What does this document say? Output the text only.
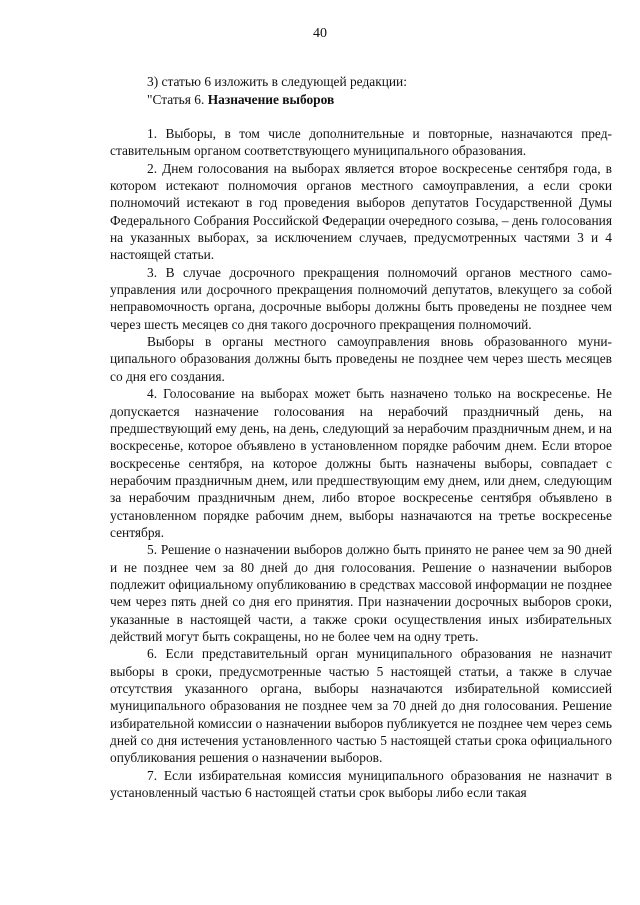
40
3) статью 6 изложить в следующей редакции:
"Статья 6. Назначение выборов

1. Выборы, в том числе дополнительные и повторные, назначаются представительным органом соответствующего муниципального образования.

2. Днем голосования на выборах является второе воскресенье сентября года, в котором истекают полномочия органов местного самоуправления, а если сроки полномочий истекают в год проведения выборов депутатов Государственной Думы Федерального Собрания Российской Федерации очередного созыва, – день голосования на указанных выборах, за исключением случаев, предусмотренных частями 3 и 4 настоящей статьи.

3. В случае досрочного прекращения полномочий органов местного самоуправления или досрочного прекращения полномочий депутатов, влекущего за собой неправомочность органа, досрочные выборы должны быть проведены не позднее чем через шесть месяцев со дня такого досрочного прекращения полномочий.

Выборы в органы местного самоуправления вновь образованного муниципального образования должны быть проведены не позднее чем через шесть месяцев со дня его создания.

4. Голосование на выборах может быть назначено только на воскресенье. Не допускается назначение голосования на нерабочий праздничный день, на предшествующий ему день, на день, следующий за нерабочим праздничным днем, и на воскресенье, которое объявлено в установленном порядке рабочим днем. Если второе воскресенье сентября, на которое должны быть назначены выборы, совпадает с нерабочим праздничным днем, или предшествующим ему днем, или днем, следующим за нерабочим праздничным днем, либо второе воскресенье сентября объявлено в установленном порядке рабочим днем, выборы назначаются на третье воскресенье сентября.

5. Решение о назначении выборов должно быть принято не ранее чем за 90 дней и не позднее чем за 80 дней до дня голосования. Решение о назначении выборов подлежит официальному опубликованию в средствах массовой информации не позднее чем через пять дней со дня его принятия. При назначении досрочных выборов сроки, указанные в настоящей части, а также сроки осуществления иных избирательных действий могут быть сокращены, но не более чем на одну треть.

6. Если представительный орган муниципального образования не назначит выборы в сроки, предусмотренные частью 5 настоящей статьи, а также в случае отсутствия указанного органа, выборы назначаются избирательной комиссией муниципального образования не позднее чем за 70 дней до дня голосования. Решение избирательной комиссии о назначении выборов публикуется не позднее чем через семь дней со дня истечения установленного частью 5 настоящей статьи срока официального опубликования решения о назначении выборов.

7. Если избирательная комиссия муниципального образования не назначит в установленный частью 6 настоящей статьи срок выборы либо если такая
